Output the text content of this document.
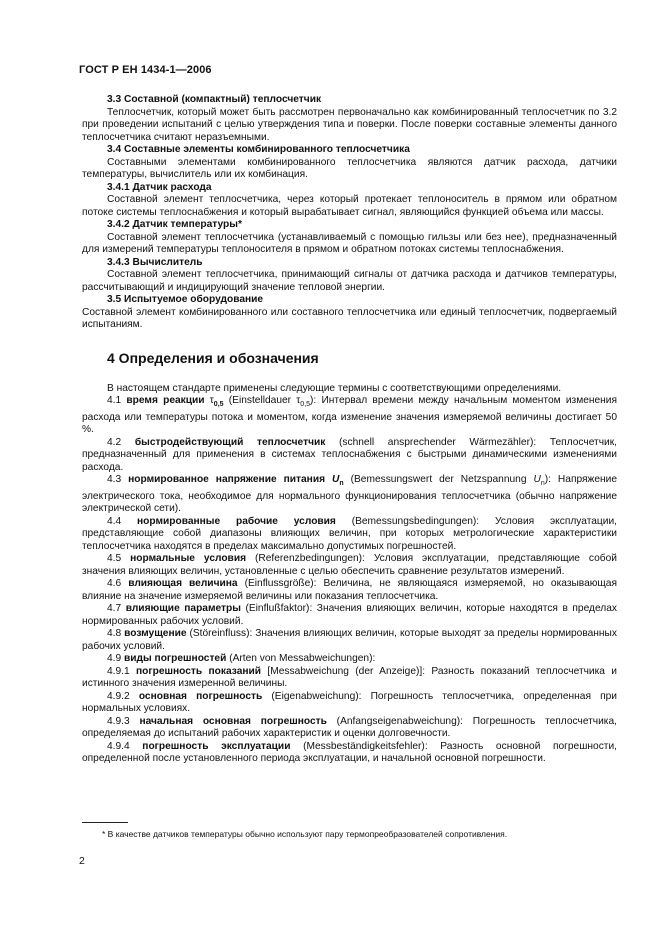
ГОСТ Р ЕН 1434-1—2006
3.3 Составной (компактный) теплосчетчик

Теплосчетчик, который может быть рассмотрен первоначально как комбинированный теплосчетчик по 3.2 при проведении испытаний с целью утверждения типа и поверки. После поверки составные элементы данного теплосчетчика считают неразъемными.

3.4 Составные элементы комбинированного теплосчетчика

Составными элементами комбинированного теплосчетчика являются датчик расхода, датчики температуры, вычислитель или их комбинация.

3.4.1 Датчик расхода

Составной элемент теплосчетчика, через который протекает теплоноситель в прямом или обратном потоке системы теплоснабжения и который вырабатывает сигнал, являющийся функцией объема или массы.

3.4.2 Датчик температуры*

Составной элемент теплосчетчика (устанавливаемый с помощью гильзы или без нее), предназначенный для измерений температуры теплоносителя в прямом и обратном потоках системы теплоснабжения.

3.4.3 Вычислитель

Составной элемент теплосчетчика, принимающий сигналы от датчика расхода и датчиков температуры, рассчитывающий и индицирующий значение тепловой энергии.

3.5 Испытуемое оборудование

Составной элемент комбинированного или составного теплосчетчика или единый теплосчетчик, подвергаемый испытаниям.

4 Определения и обозначения

В настоящем стандарте применены следующие термины с соответствующими определениями.

4.1 время реакции $\tau_{0,5}$ (Einstelldauer $\tau_{0,5}$): Интервал времени между начальным моментом изменения расхода или температуры потока и моментом, когда изменение значения измеряемой величины достигает 50 %.

4.2 быстродействующий теплосчетчик (schnell ansprechender Wärmezähler): Теплосчетчик, предназначенный для применения в системах теплоснабжения с быстрыми динамическими изменениями расхода.

4.3 нормированное напряжение питания $U_n$ (Bemessungswert der Netzspannung $U_n$): Напряжение электрического тока, необходимое для нормального функционирования теплосчетчика (обычно напряжение электрической сети).

4.4 нормированные рабочие условия (Bemessungsbedingungen): Условия эксплуатации, представляющие собой диапазоны влияющих величин, при которых метрологические характеристики теплосчетчика находятся в пределах максимально допустимых погрешностей.

4.5 нормальные условия (Referenzbedingungen): Условия эксплуатации, представляющие собой значения влияющих величин, установленные с целью обеспечить сравнение результатов измерений.

4.6 влияющая величина (Einflussgröße): Величина, не являющаяся измеряемой, но оказывающая влияние на значение измеряемой величины или показания теплосчетчика.

4.7 влияющие параметры (Einflußfaktor): Значения влияющих величин, которые находятся в пределах нормированных рабочих условий.

4.8 возмущение (Störeinfluss): Значения влияющих величин, которые выходят за пределы нормированных рабочих условий.

4.9 виды погрешностей (Arten von Messabweichungen):

4.9.1 погрешность показаний [Messabweichung (der Anzeige)]: Разность показаний теплосчетчика и истинного значения измеренной величины.

4.9.2 основная погрешность (Eigenabweichung): Погрешность теплосчетчика, определенная при нормальных условиях.

4.9.3 начальная основная погрешность (Anfangseigenabweichung): Погрешность теплосчетчика, определяемая до испытаний рабочих характеристик и оценки долговечности.

4.9.4 погрешность эксплуатации (Messbeständigkeitsfehler): Разность основной погрешности, определенной после установленного периода эксплуатации, и начальной основной погрешности.

* В качестве датчиков температуры обычно используют пару термопреобразователей сопротивления.
2
